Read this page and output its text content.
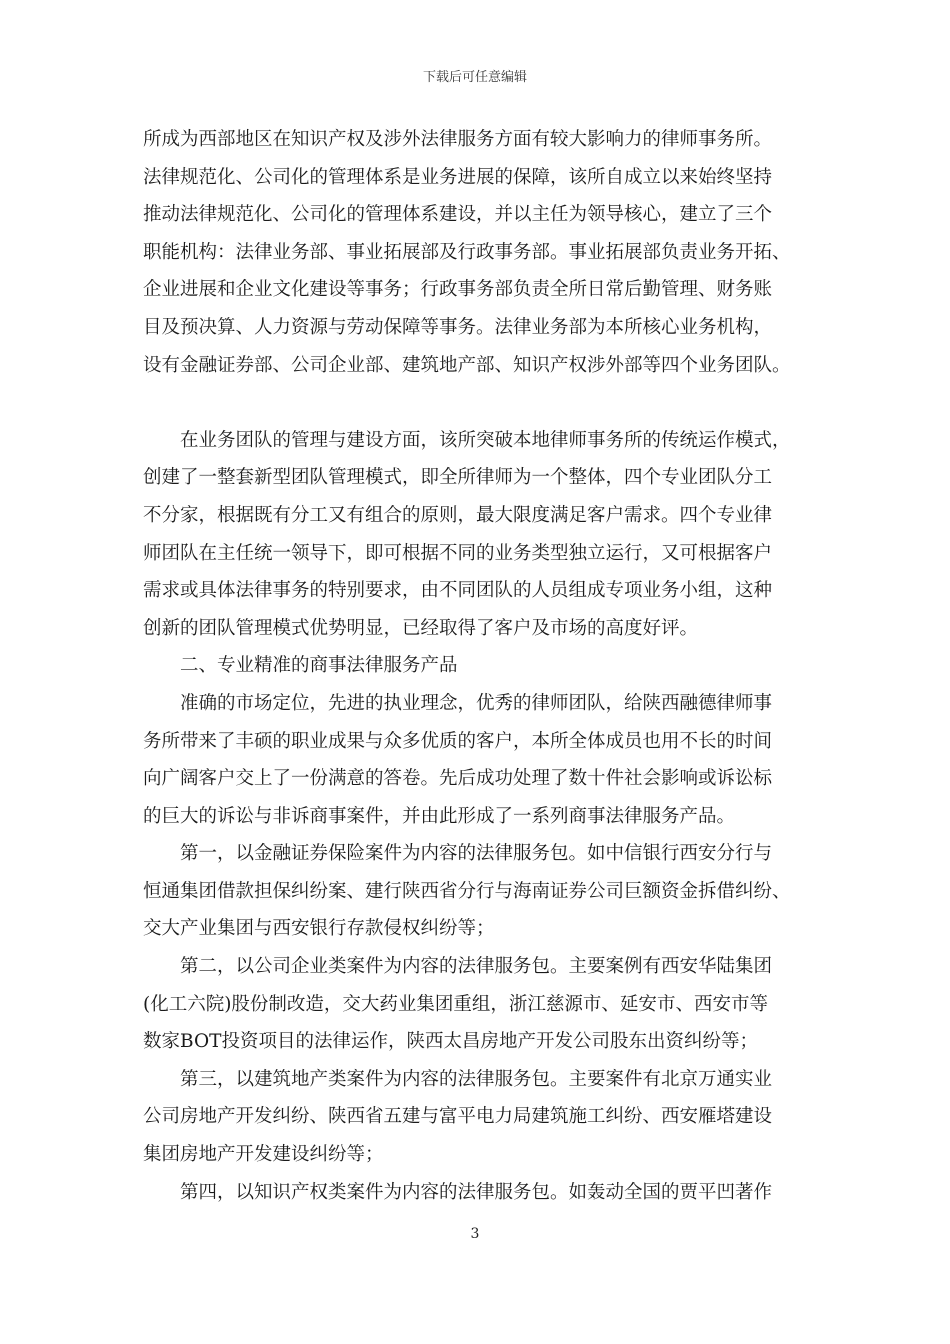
下载后可任意编辑
所成为西部地区在知识产权及涉外法律服务方面有较大影响力的律师事务所。
法律规范化、公司化的管理体系是业务进展的保障，该所自成立以来始终坚持
推动法律规范化、公司化的管理体系建设，并以主任为领导核心，建立了三个
职能机构：法律业务部、事业拓展部及行政事务部。事业拓展部负责业务开拓、
企业进展和企业文化建设等事务；行政事务部负责全所日常后勤管理、财务账
目及预决算、人力资源与劳动保障等事务。法律业务部为本所核心业务机构，
设有金融证券部、公司企业部、建筑地产部、知识产权涉外部等四个业务团队。
在业务团队的管理与建设方面，该所突破本地律师事务所的传统运作模式，
创建了一整套新型团队管理模式，即全所律师为一个整体，四个专业团队分工
不分家，根据既有分工又有组合的原则，最大限度满足客户需求。四个专业律
师团队在主任统一领导下，即可根据不同的业务类型独立运行，又可根据客户
需求或具体法律事务的特别要求，由不同团队的人员组成专项业务小组，这种
创新的团队管理模式优势明显，已经取得了客户及市场的高度好评。
二、专业精准的商事法律服务产品
准确的市场定位，先进的执业理念，优秀的律师团队，给陕西融德律师事
务所带来了丰硕的职业成果与众多优质的客户，本所全体成员也用不长的时间
向广阔客户交上了一份满意的答卷。先后成功处理了数十件社会影响或诉讼标
的巨大的诉讼与非诉商事案件，并由此形成了一系列商事法律服务产品。
第一，以金融证券保险案件为内容的法律服务包。如中信银行西安分行与
恒通集团借款担保纠纷案、建行陕西省分行与海南证券公司巨额资金拆借纠纷、
交大产业集团与西安银行存款侵权纠纷等；
第二，以公司企业类案件为内容的法律服务包。主要案例有西安华陆集团
(化工六院)股份制改造，交大药业集团重组，浙江慈源市、延安市、西安市等
数家BOT投资项目的法律运作，陕西太昌房地产开发公司股东出资纠纷等；
第三，以建筑地产类案件为内容的法律服务包。主要案件有北京万通实业
公司房地产开发纠纷、陕西省五建与富平电力局建筑施工纠纷、西安雁塔建设
集团房地产开发建设纠纷等；
第四，以知识产权类案件为内容的法律服务包。如轰动全国的贾平凹著作
3
